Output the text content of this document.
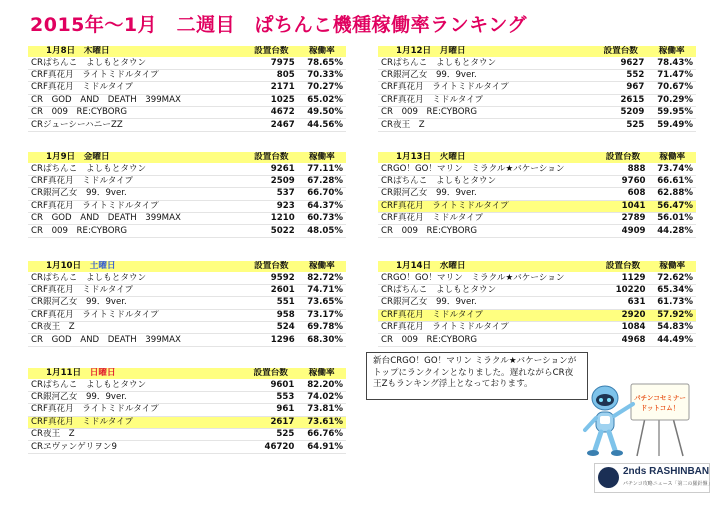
2015年～1月　二週目　ぱちんこ機種稼働率ランキング
1月8日　 木曜日	設置台数	稼働率
CRぱちんこ　よしもとタウン	7975	78.65%
CRF真花月　ライトミドルタイプ	805	70.33%
CRF真花月　ミドルタイプ	2171	70.27%
CR　GOD　AND　DEATH　399MAX	1025	65.02%
CR　009　RE:CYBORG	4672	49.50%
CRジューシーハニーZZ	2467	44.56%
1月9日　 金曜日	設置台数	稼働率
CRぱちんこ　よしもとタウン	9261	77.11%
CRF真花月　ミドルタイプ	2509	67.28%
CR銀河乙女　99．9ver.	537	66.70%
CRF真花月　ライトミドルタイプ	923	64.37%
CR　GOD　AND　DEATH　399MAX	1210	60.73%
CR　009　RE:CYBORG	5022	48.05%
1月10日　 土曜日	設置台数	稼働率
CRぱちんこ　よしもとタウン	9592	82.72%
CRF真花月　ミドルタイプ	2601	74.71%
CR銀河乙女　99．9ver.	551	73.65%
CRF真花月　ライトミドルタイプ	958	73.17%
CR夜王　Z	524	69.78%
CR　GOD　AND　DEATH　399MAX	1296	68.30%
1月11日　 日曜日	設置台数	稼働率
CRぱちんこ　よしもとタウン	9601	82.20%
CR銀河乙女　99．9ver.	553	74.02%
CRF真花月　ライトミドルタイプ	961	73.81%
CRF真花月　ミドルタイプ	2617	73.61%
CR夜王　Z	525	66.76%
CRヱヴァンゲリヲン9	46720	64.91%
1月12日　 月曜日	設置台数	稼働率
CRぱちんこ　よしもとタウン	9627	78.43%
CR銀河乙女　99．9ver.	552	71.47%
CRF真花月　ライトミドルタイプ	967	70.67%
CRF真花月　ミドルタイプ	2615	70.29%
CR　009　RE:CYBORG	5209	59.95%
CR夜王　Z	525	59.49%
1月13日　 火曜日	設置台数	稼働率
CRGO！GO！マリン　ミラクル★バケーション	888	73.74%
CRぱちんこ　よしもとタウン	9760	66.61%
CR銀河乙女　99．9ver.	608	62.88%
CRF真花月　ライトミドルタイプ	1041	56.47%
CRF真花月　ミドルタイプ	2789	56.01%
CR　009　RE:CYBORG	4909	44.28%
1月14日　 水曜日	設置台数	稼働率
CRGO！GO！マリン　ミラクル★バケーション	1129	72.62%
CRぱちんこ　よしもとタウン	10220	65.34%
CR銀河乙女　99．9ver.	631	61.73%
CRF真花月　ミドルタイプ	2920	57.92%
CRF真花月　ライトミドルタイプ	1084	54.83%
CR　009　RE:CYBORG	4968	44.49%
新台CRGO！GO！マリン ミラクル★バケーションがトップにランクインとなりました。遅れながらCR夜王Zもランキング浮上となっております。
パチンコセミナー
ドットコム！
2nds RASHINBAN
パチンコ攻略ニュース「第二の羅針盤」
